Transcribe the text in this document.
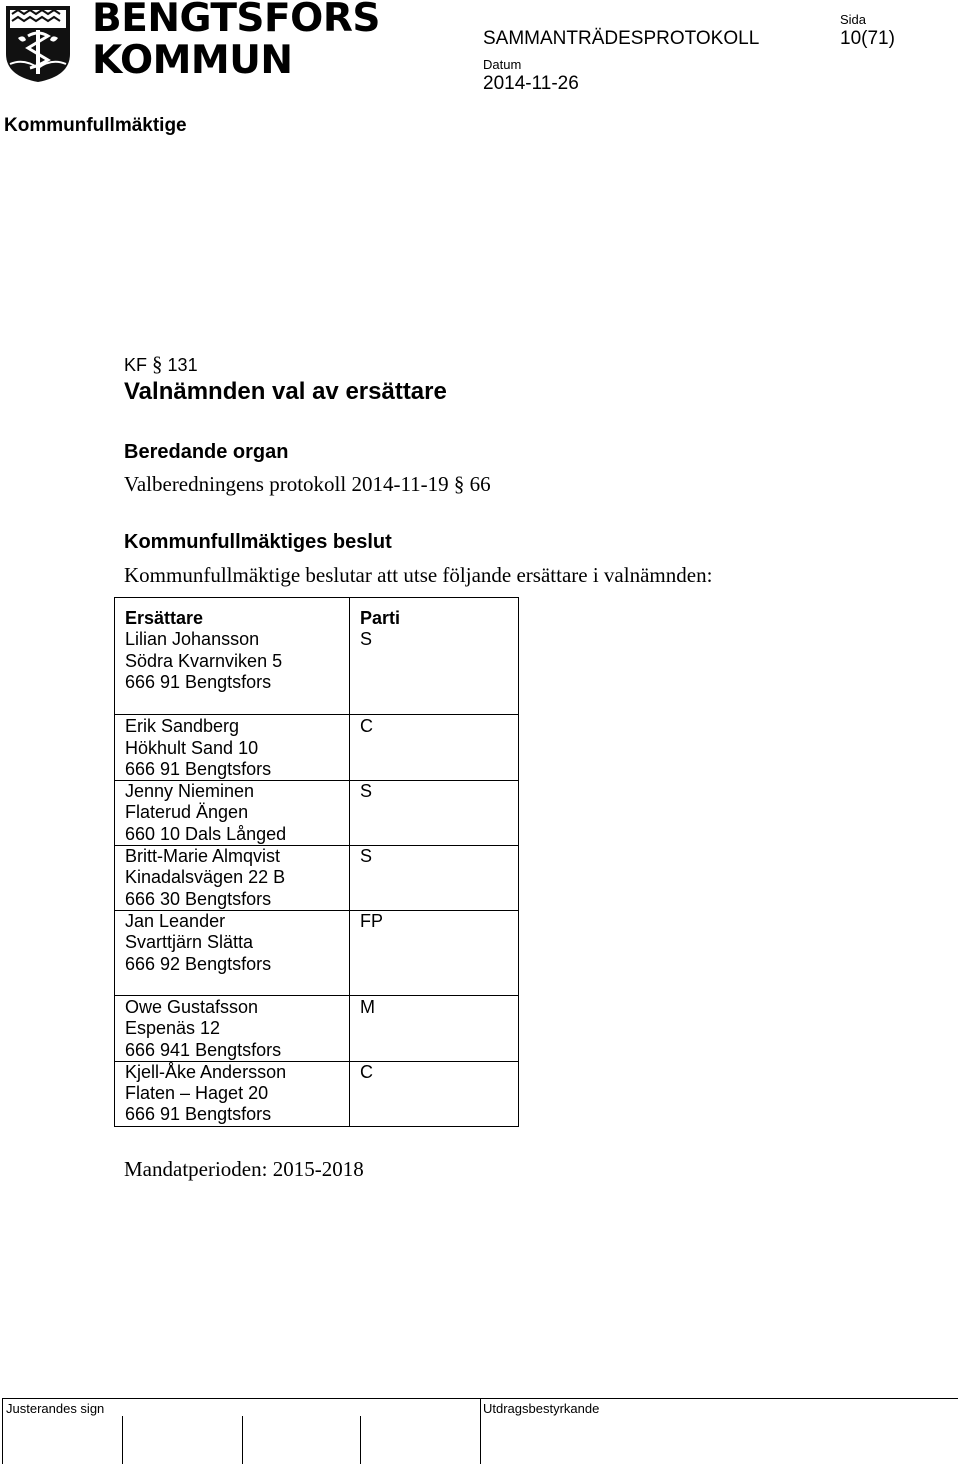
BENGTSFORS
KOMMUN	SAMMANTRÄDESPROTOKOLL
Datum
2014-11-26
Sida
10(71)
Kommunfullmäktige
KF § 131
Valnämnden val av ersättare
Beredande organ
Valberedningens protokoll 2014-11-19 § 66
Kommunfullmäktiges beslut
Kommunfullmäktige beslutar att utse följande ersättare i valnämnden:
Ersättare	Parti

Lilian Johansson
Södra Kvarnviken 5
666 91 Bengtsfors	S

Erik Sandberg
Hökhult Sand 10
666 91 Bengtsfors	C

Jenny Nieminen
Flaterud Ängen
660 10 Dals Långed	S

Britt-Marie Almqvist
Kinadalsvägen 22 B
666 30 Bengtsfors	S

Jan Leander
Svarttjärn Slätta
666 92 Bengtsfors	FP

Owe Gustafsson
Espenäs 12
666 941 Bengtsfors	M

Kjell-Åke Andersson
Flaten – Haget 20
666 91 Bengtsfors	C
Mandatperioden: 2015-2018
Justerandes sign	Utdragsbestyrkande
